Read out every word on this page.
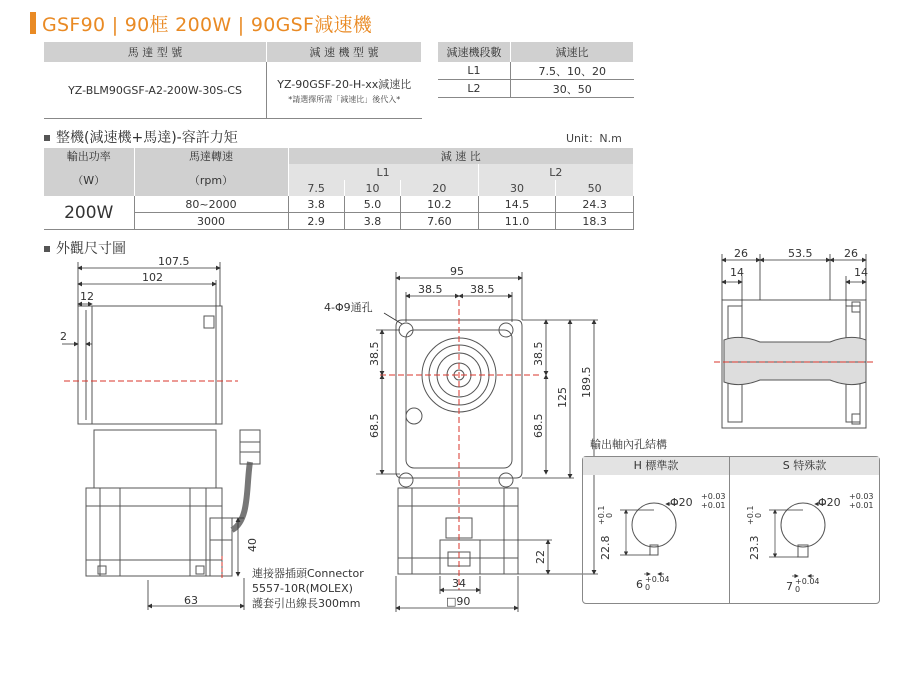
GSF90 | 90框 200W | 90GSF減速機
馬 達 型 號	減 速 機 型 號
YZ-BLM90GSF-A2-200W-30S-CS	YZ-90GSF-20-H-xx減速比
*請選擇所需「減速比」後代入*
減速機段數	減速比
L1	7.5、10、20
L2	30、50
整機(減速機+馬達)-容許力矩	Unit：N.m
輸出功率	馬達轉速	減 速 比				
（W）	（rpm）	L1			L2	
		7.5	10	20	30	50
200W	80~2000	3.8	5.0	10.2	14.5	24.3
	3000	2.9	3.8	7.60	11.0	18.3
外觀尺寸圖
107.5
102
12
2
40
63
95
38.5	38.5
4-Φ9通孔
38.5
68.5
38.5
68.5
125 189.5
22
34
□90
26	53.5	26
14	14
Φ20 +0.03
+0.01
22.8
+0.1 0
6 +0.04
0
Φ20 +0.03
+0.01
23.3
+0.1 0
7 +0.04
0
連接器插頭Connector
5557-10R(MOLEX)
護套引出線長300mm
輸出軸內孔結構
H 標準款	S 特殊款
